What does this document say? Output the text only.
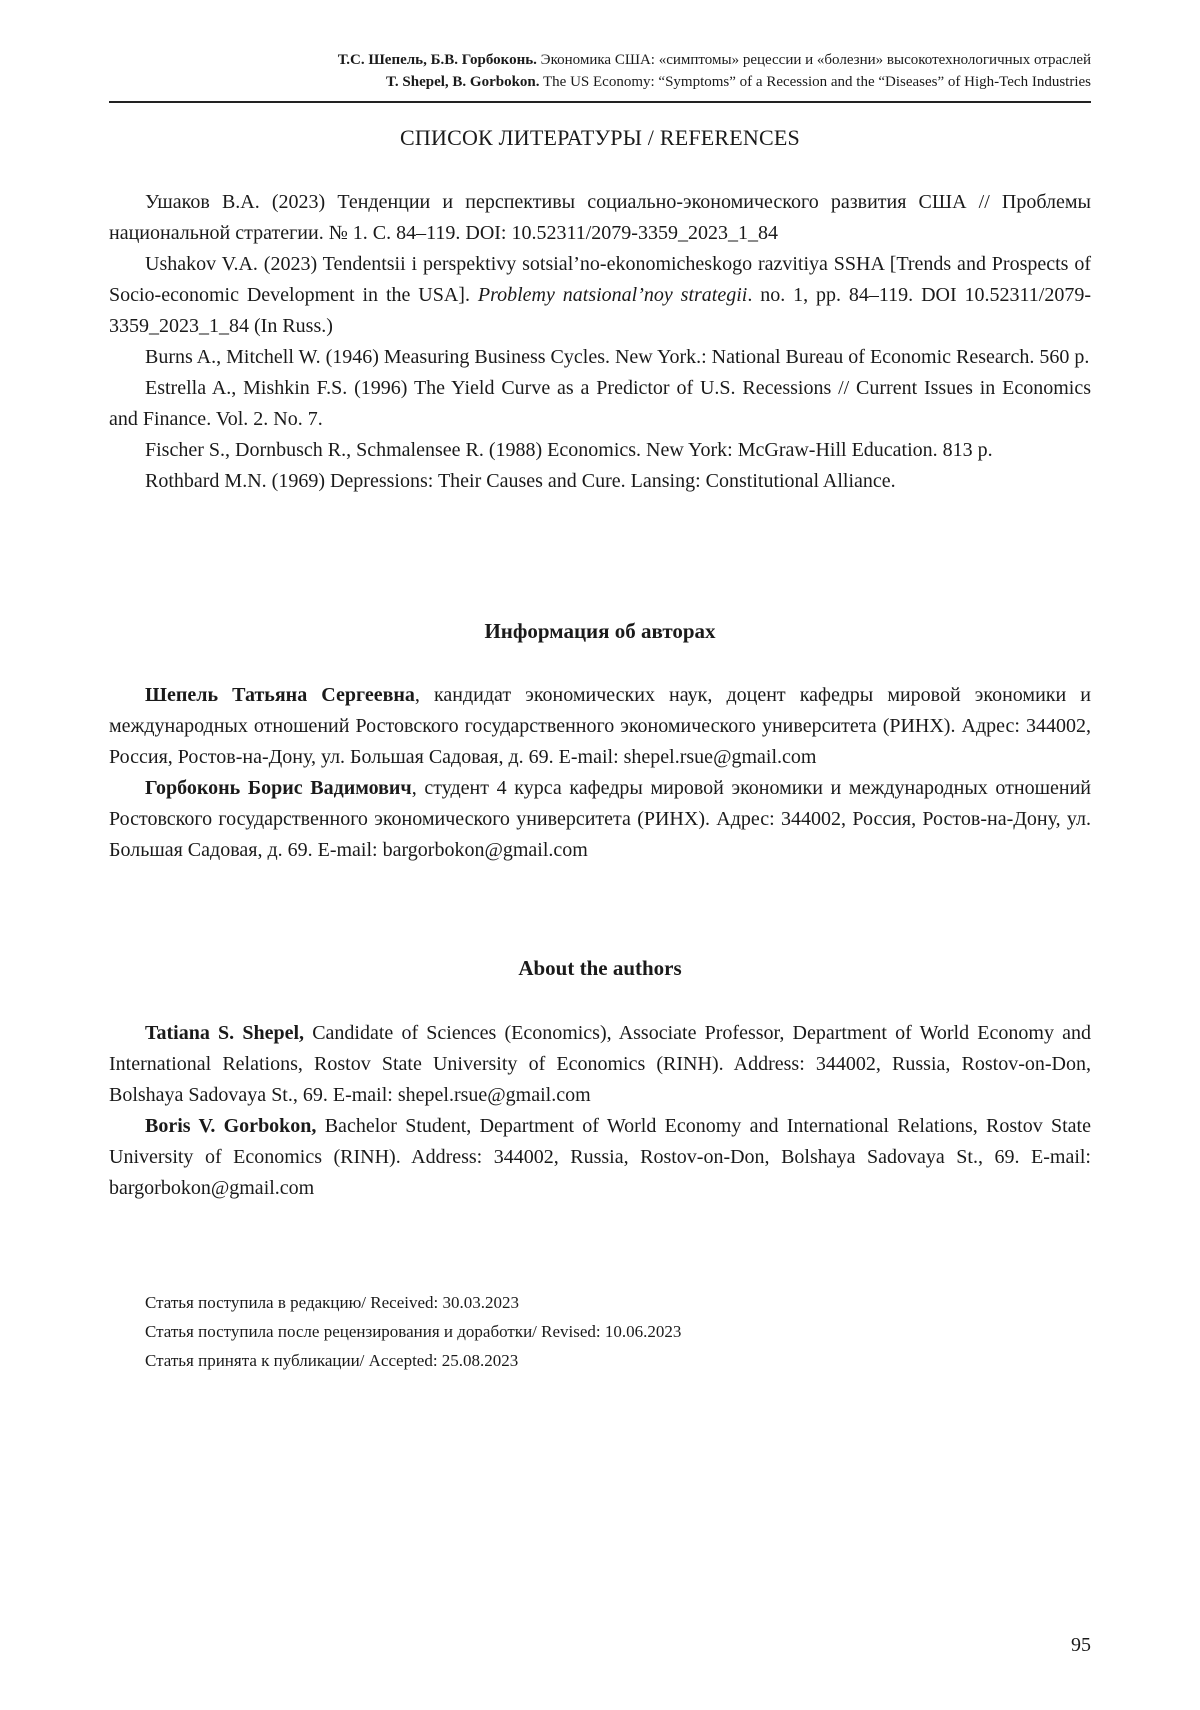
Т.С. Шепель, Б.В. Горбоконь. Экономика США: «симптомы» рецессии и «болезни» высокотехнологичных отраслей
T. Shepel, B. Gorbokon. The US Economy: “Symptoms” of a Recession and the “Diseases” of High-Tech Industries
СПИСОК ЛИТЕРАТУРЫ / REFERENCES

Ушаков В.А. (2023) Тенденции и перспективы социально-экономического развития США // Проблемы национальной стратегии. № 1. С. 84–119. DOI: 10.52311/2079-3359_2023_1_84

Ushakov V.A. (2023) Tendentsii i perspektivy sotsial’no-ekonomicheskogo razvitiya SSHA [Trends and Prospects of Socio-economic Development in the USA]. Problemy natsional’noy strategii. no. 1, pp. 84–119. DOI 10.52311/2079-3359_2023_1_84 (In Russ.)

Burns A., Mitchell W. (1946) Measuring Business Cycles. New York.: National Bureau of Economic Research. 560 p.

Estrella A., Mishkin F.S. (1996) The Yield Curve as a Predictor of U.S. Recessions // Current Issues in Economics and Finance. Vol. 2. No. 7.

Fischer S., Dornbusch R., Schmalensee R. (1988) Economics. New York: McGraw-Hill Education. 813 p.

Rothbard M.N. (1969) Depressions: Their Causes and Cure. Lansing: Constitutional Alliance.

Информация об авторах

Шепель Татьяна Сергеевна, кандидат экономических наук, доцент кафедры мировой экономики и международных отношений Ростовского государственного экономического университета (РИНХ). Адрес: 344002, Россия, Ростов-на-Дону, ул. Большая Садовая, д. 69. E-mail: shepel.rsue@gmail.com

Горбоконь Борис Вадимович, студент 4 курса кафедры мировой экономики и международных отношений Ростовского государственного экономического университета (РИНХ). Адрес: 344002, Россия, Ростов-на-Дону, ул. Большая Садовая, д. 69. E-mail: bargorbokon@gmail.com

About the authors

Tatiana S. Shepel, Candidate of Sciences (Economics), Associate Professor, Department of World Economy and International Relations, Rostov State University of Economics (RINH). Address: 344002, Russia, Rostov-on-Don, Bolshaya Sadovaya St., 69. E-mail: shepel.rsue@gmail.com

Boris V. Gorbokon, Bachelor Student, Department of World Economy and International Relations, Rostov State University of Economics (RINH). Address: 344002, Russia, Rostov-on-Don, Bolshaya Sadovaya St., 69. E-mail: bargorbokon@gmail.com

Статья поступила в редакцию/ Received: 30.03.2023
Статья поступила после рецензирования и доработки/ Revised: 10.06.2023
Статья принята к публикации/ Accepted: 25.08.2023
95
